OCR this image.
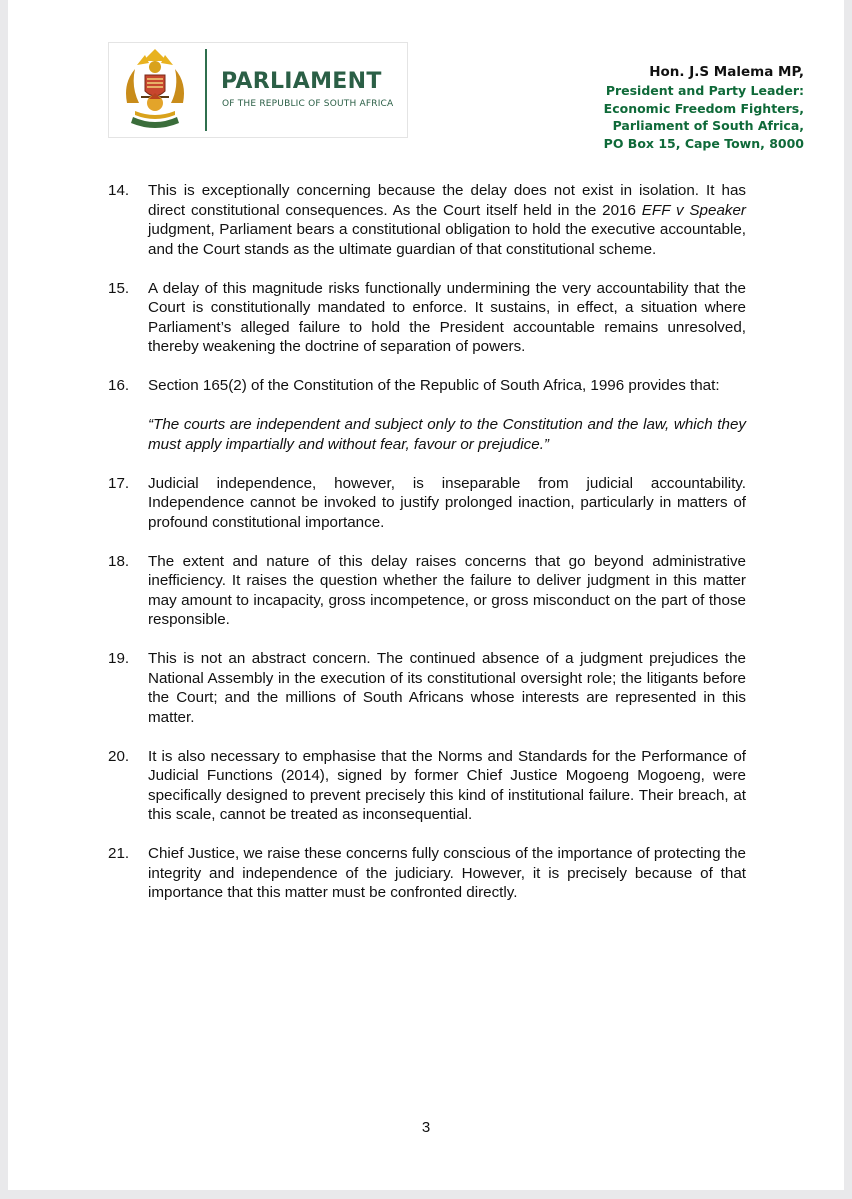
PARLIAMENT
OF THE REPUBLIC OF SOUTH AFRICA
Hon. J.S Malema MP,
President and Party Leader:
Economic Freedom Fighters,
Parliament of South Africa,
PO Box 15, Cape Town, 8000
14.	This is exceptionally concerning because the delay does not exist in isolation. It has direct constitutional consequences. As the Court itself held in the 2016 EFF v Speaker judgment, Parliament bears a constitutional obligation to hold the executive accountable, and the Court stands as the ultimate guardian of that constitutional scheme.
15.	A delay of this magnitude risks functionally undermining the very accountability that the Court is constitutionally mandated to enforce. It sustains, in effect, a situation where Parliament’s alleged failure to hold the President accountable remains unresolved, thereby weakening the doctrine of separation of powers.
16.	Section 165(2) of the Constitution of the Republic of South Africa, 1996 provides that:
“The courts are independent and subject only to the Constitution and the law, which they must apply impartially and without fear, favour or prejudice.”
17.	Judicial independence, however, is inseparable from judicial accountability. Independence cannot be invoked to justify prolonged inaction, particularly in matters of profound constitutional importance.
18.	The extent and nature of this delay raises concerns that go beyond administrative inefficiency. It raises the question whether the failure to deliver judgment in this matter may amount to incapacity, gross incompetence, or gross misconduct on the part of those responsible.
19.	This is not an abstract concern. The continued absence of a judgment prejudices the National Assembly in the execution of its constitutional oversight role; the litigants before the Court; and the millions of South Africans whose interests are represented in this matter.
20.	It is also necessary to emphasise that the Norms and Standards for the Performance of Judicial Functions (2014), signed by former Chief Justice Mogoeng Mogoeng, were specifically designed to prevent precisely this kind of institutional failure. Their breach, at this scale, cannot be treated as inconsequential.
21.	Chief Justice, we raise these concerns fully conscious of the importance of protecting the integrity and independence of the judiciary. However, it is precisely because of that importance that this matter must be confronted directly.
3
